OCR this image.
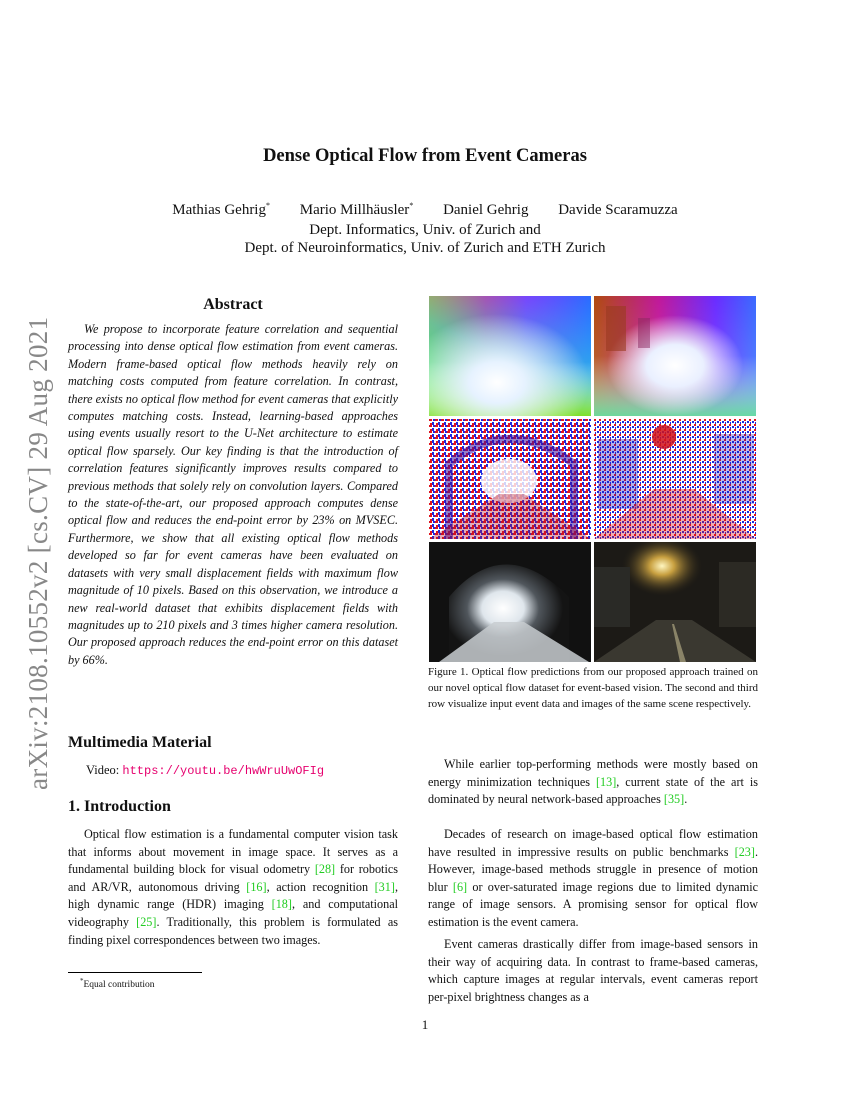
arXiv:2108.10552v2 [cs.CV] 29 Aug 2021
Dense Optical Flow from Event Cameras
Mathias Gehrig* Mario Millhäusler* Daniel Gehrig Davide Scaramuzza
Dept. Informatics, Univ. of Zurich and
Dept. of Neuroinformatics, Univ. of Zurich and ETH Zurich
Abstract

We propose to incorporate feature correlation and sequential processing into dense optical flow estimation from event cameras. Modern frame-based optical flow methods heavily rely on matching costs computed from feature correlation. In contrast, there exists no optical flow method for event cameras that explicitly computes matching costs. Instead, learning-based approaches using events usually resort to the U-Net architecture to estimate optical flow sparsely. Our key finding is that the introduction of correlation features significantly improves results compared to previous methods that solely rely on convolution layers. Compared to the state-of-the-art, our proposed approach computes dense optical flow and reduces the end-point error by 23% on MVSEC. Furthermore, we show that all existing optical flow methods developed so far for event cameras have been evaluated on datasets with very small displacement fields with maximum flow magnitude of 10 pixels. Based on this observation, we introduce a new real-world dataset that exhibits displacement fields with magnitudes up to 210 pixels and 3 times higher camera resolution. Our proposed approach reduces the end-point error on this dataset by 66%.

Multimedia Material
Video: https://youtu.be/hwWruUwOFIg
1. Introduction

Optical flow estimation is a fundamental computer vision task that informs about movement in image space. It serves as a fundamental building block for visual odometry [28] for robotics and AR/VR, autonomous driving [16], action recognition [31], high dynamic range (HDR) imaging [18], and computational videography [25]. Traditionally, this problem is formulated as finding pixel correspondences between two images.

*Equal contribution

Figure 1. Optical flow predictions from our proposed approach trained on our novel optical flow dataset for event-based vision. The second and third row visualize input event data and images of the same scene respectively.

While earlier top-performing methods were mostly based on energy minimization techniques [13], current state of the art is dominated by neural network-based approaches [35].

Decades of research on image-based optical flow estimation have resulted in impressive results on public benchmarks [23]. However, image-based methods struggle in presence of motion blur [6] or over-saturated image regions due to limited dynamic range of image sensors. A promising sensor for optical flow estimation is the event camera.

Event cameras drastically differ from image-based sensors in their way of acquiring data. In contrast to frame-based cameras, which capture images at regular intervals, event cameras report per-pixel brightness changes as a

1
